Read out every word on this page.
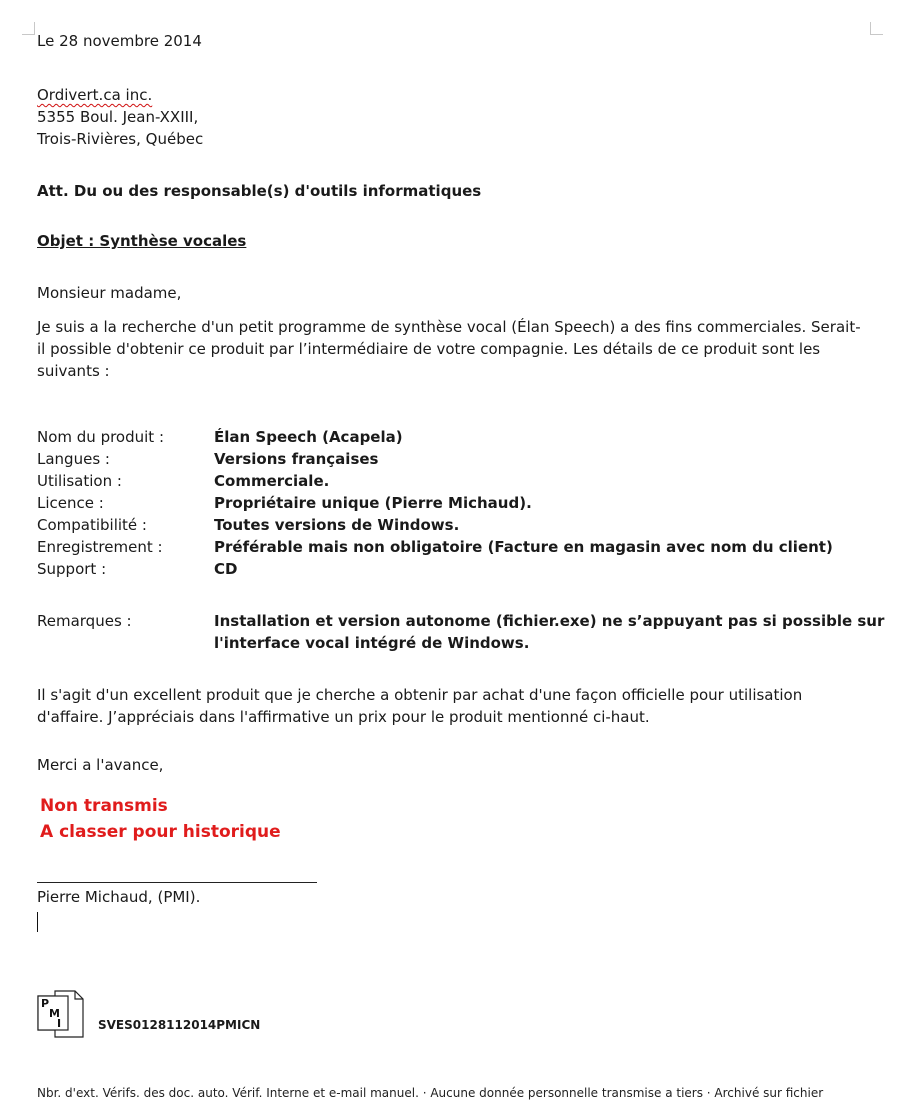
Le 28 novembre 2014
Ordivert.ca inc.
5355 Boul. Jean-XXIII,
Trois-Rivières, Québec
Att. Du ou des responsable(s) d'outils informatiques
Objet : Synthèse vocales
Monsieur madame,
Je suis a la recherche d'un petit programme de synthèse vocal (Élan Speech) a des fins commerciales. Serait-il possible d'obtenir ce produit par l’intermédiaire de votre compagnie. Les détails de ce produit sont les suivants :
Nom du produit :	Élan Speech (Acapela)
Langues :	Versions françaises
Utilisation :	Commerciale.
Licence :	Propriétaire unique (Pierre Michaud).
Compatibilité :	Toutes versions de Windows.
Enregistrement :	Préférable mais non obligatoire (Facture en magasin avec nom du client)
Support :	CD
Remarques :	Installation et version autonome (fichier.exe) ne s’appuyant pas si possible sur
l'interface vocal intégré de Windows.
Il s'agit d'un excellent produit que je cherche a obtenir par achat d'une façon officielle pour utilisation d'affaire. J’appréciais dans l'affirmative un prix pour le produit mentionné ci-haut.
Merci a l'avance,
Non transmis
A classer pour historique
Pierre Michaud, (PMI).
P
M
I	SVES0128112014PMICN
Nbr. d'ext. Vérifs. des doc. auto. Vérif. Interne et e-mail manuel. · Aucune donnée personnelle transmise a tiers · Archivé sur fichier
